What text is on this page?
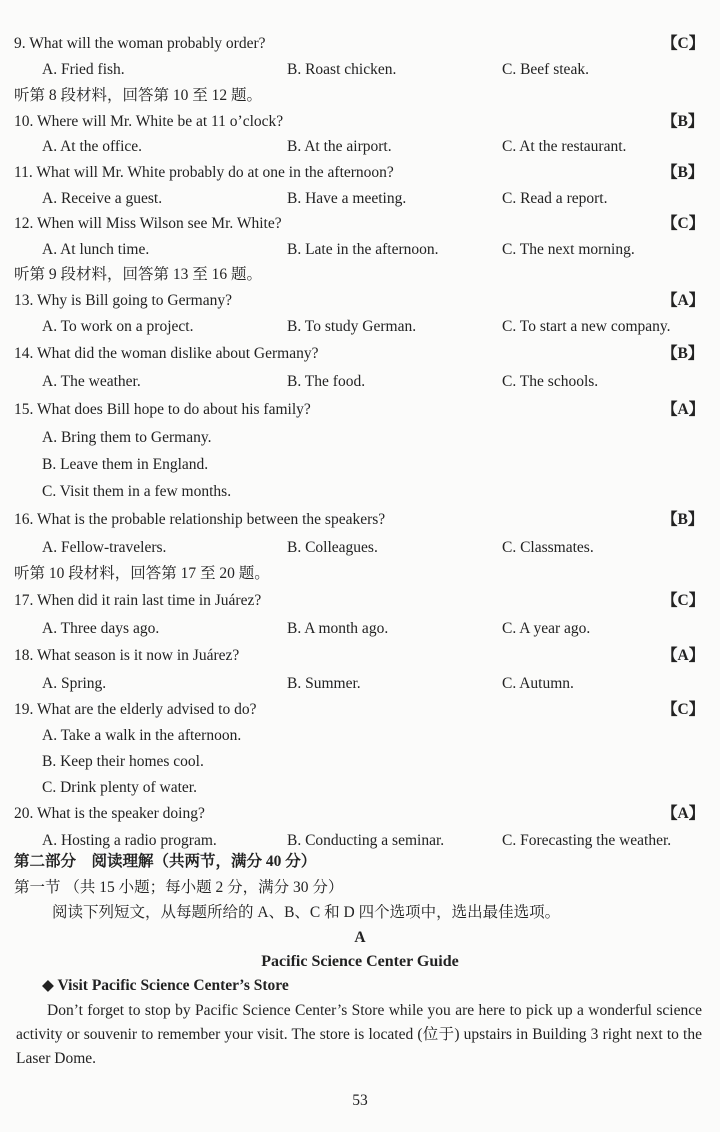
9. What will the woman probably order?	【C】
A. Fried fish.	B. Roast chicken.	C. Beef steak.
听第 8 段材料，回答第 10 至 12 题。
10. Where will Mr. White be at 11 o’clock?	【B】
A. At the office.	B. At the airport.	C. At the restaurant.
11. What will Mr. White probably do at one in the afternoon?	【B】
A. Receive a guest.	B. Have a meeting.	C. Read a report.
12. When will Miss Wilson see Mr. White?	【C】
A. At lunch time.	B. Late in the afternoon.	C. The next morning.
听第 9 段材料，回答第 13 至 16 题。
13. Why is Bill going to Germany?	【A】
A. To work on a project.	B. To study German.	C. To start a new company.
14. What did the woman dislike about Germany?	【B】
A. The weather.	B. The food.	C. The schools.
15. What does Bill hope to do about his family?	【A】
A. Bring them to Germany.
B. Leave them in England.
C. Visit them in a few months.
16. What is the probable relationship between the speakers?	【B】
A. Fellow-travelers.	B. Colleagues.	C. Classmates.
听第 10 段材料，回答第 17 至 20 题。
17. When did it rain last time in Juárez?	【C】
A. Three days ago.	B. A month ago.	C. A year ago.
18. What season is it now in Juárez?	【A】
A. Spring.	B. Summer.	C. Autumn.
19. What are the elderly advised to do?	【C】
A. Take a walk in the afternoon.
B. Keep their homes cool.
C. Drink plenty of water.
20. What is the speaker doing?	【A】
A. Hosting a radio program.	B. Conducting a seminar.	C. Forecasting the weather.
第二部分　阅读理解（共两节，满分 40 分）
第一节 （共 15 小题；每小题 2 分，满分 30 分）
阅读下列短文，从每题所给的 A、B、C 和 D 四个选项中，选出最佳选项。
A
Pacific Science Center Guide
◆ Visit Pacific Science Center’s Store
Don’t forget to stop by Pacific Science Center’s Store while you are here to pick up a wonderful science activity or souvenir to remember your visit. The store is located (位于) upstairs in Building 3 right next to the Laser Dome.
53
